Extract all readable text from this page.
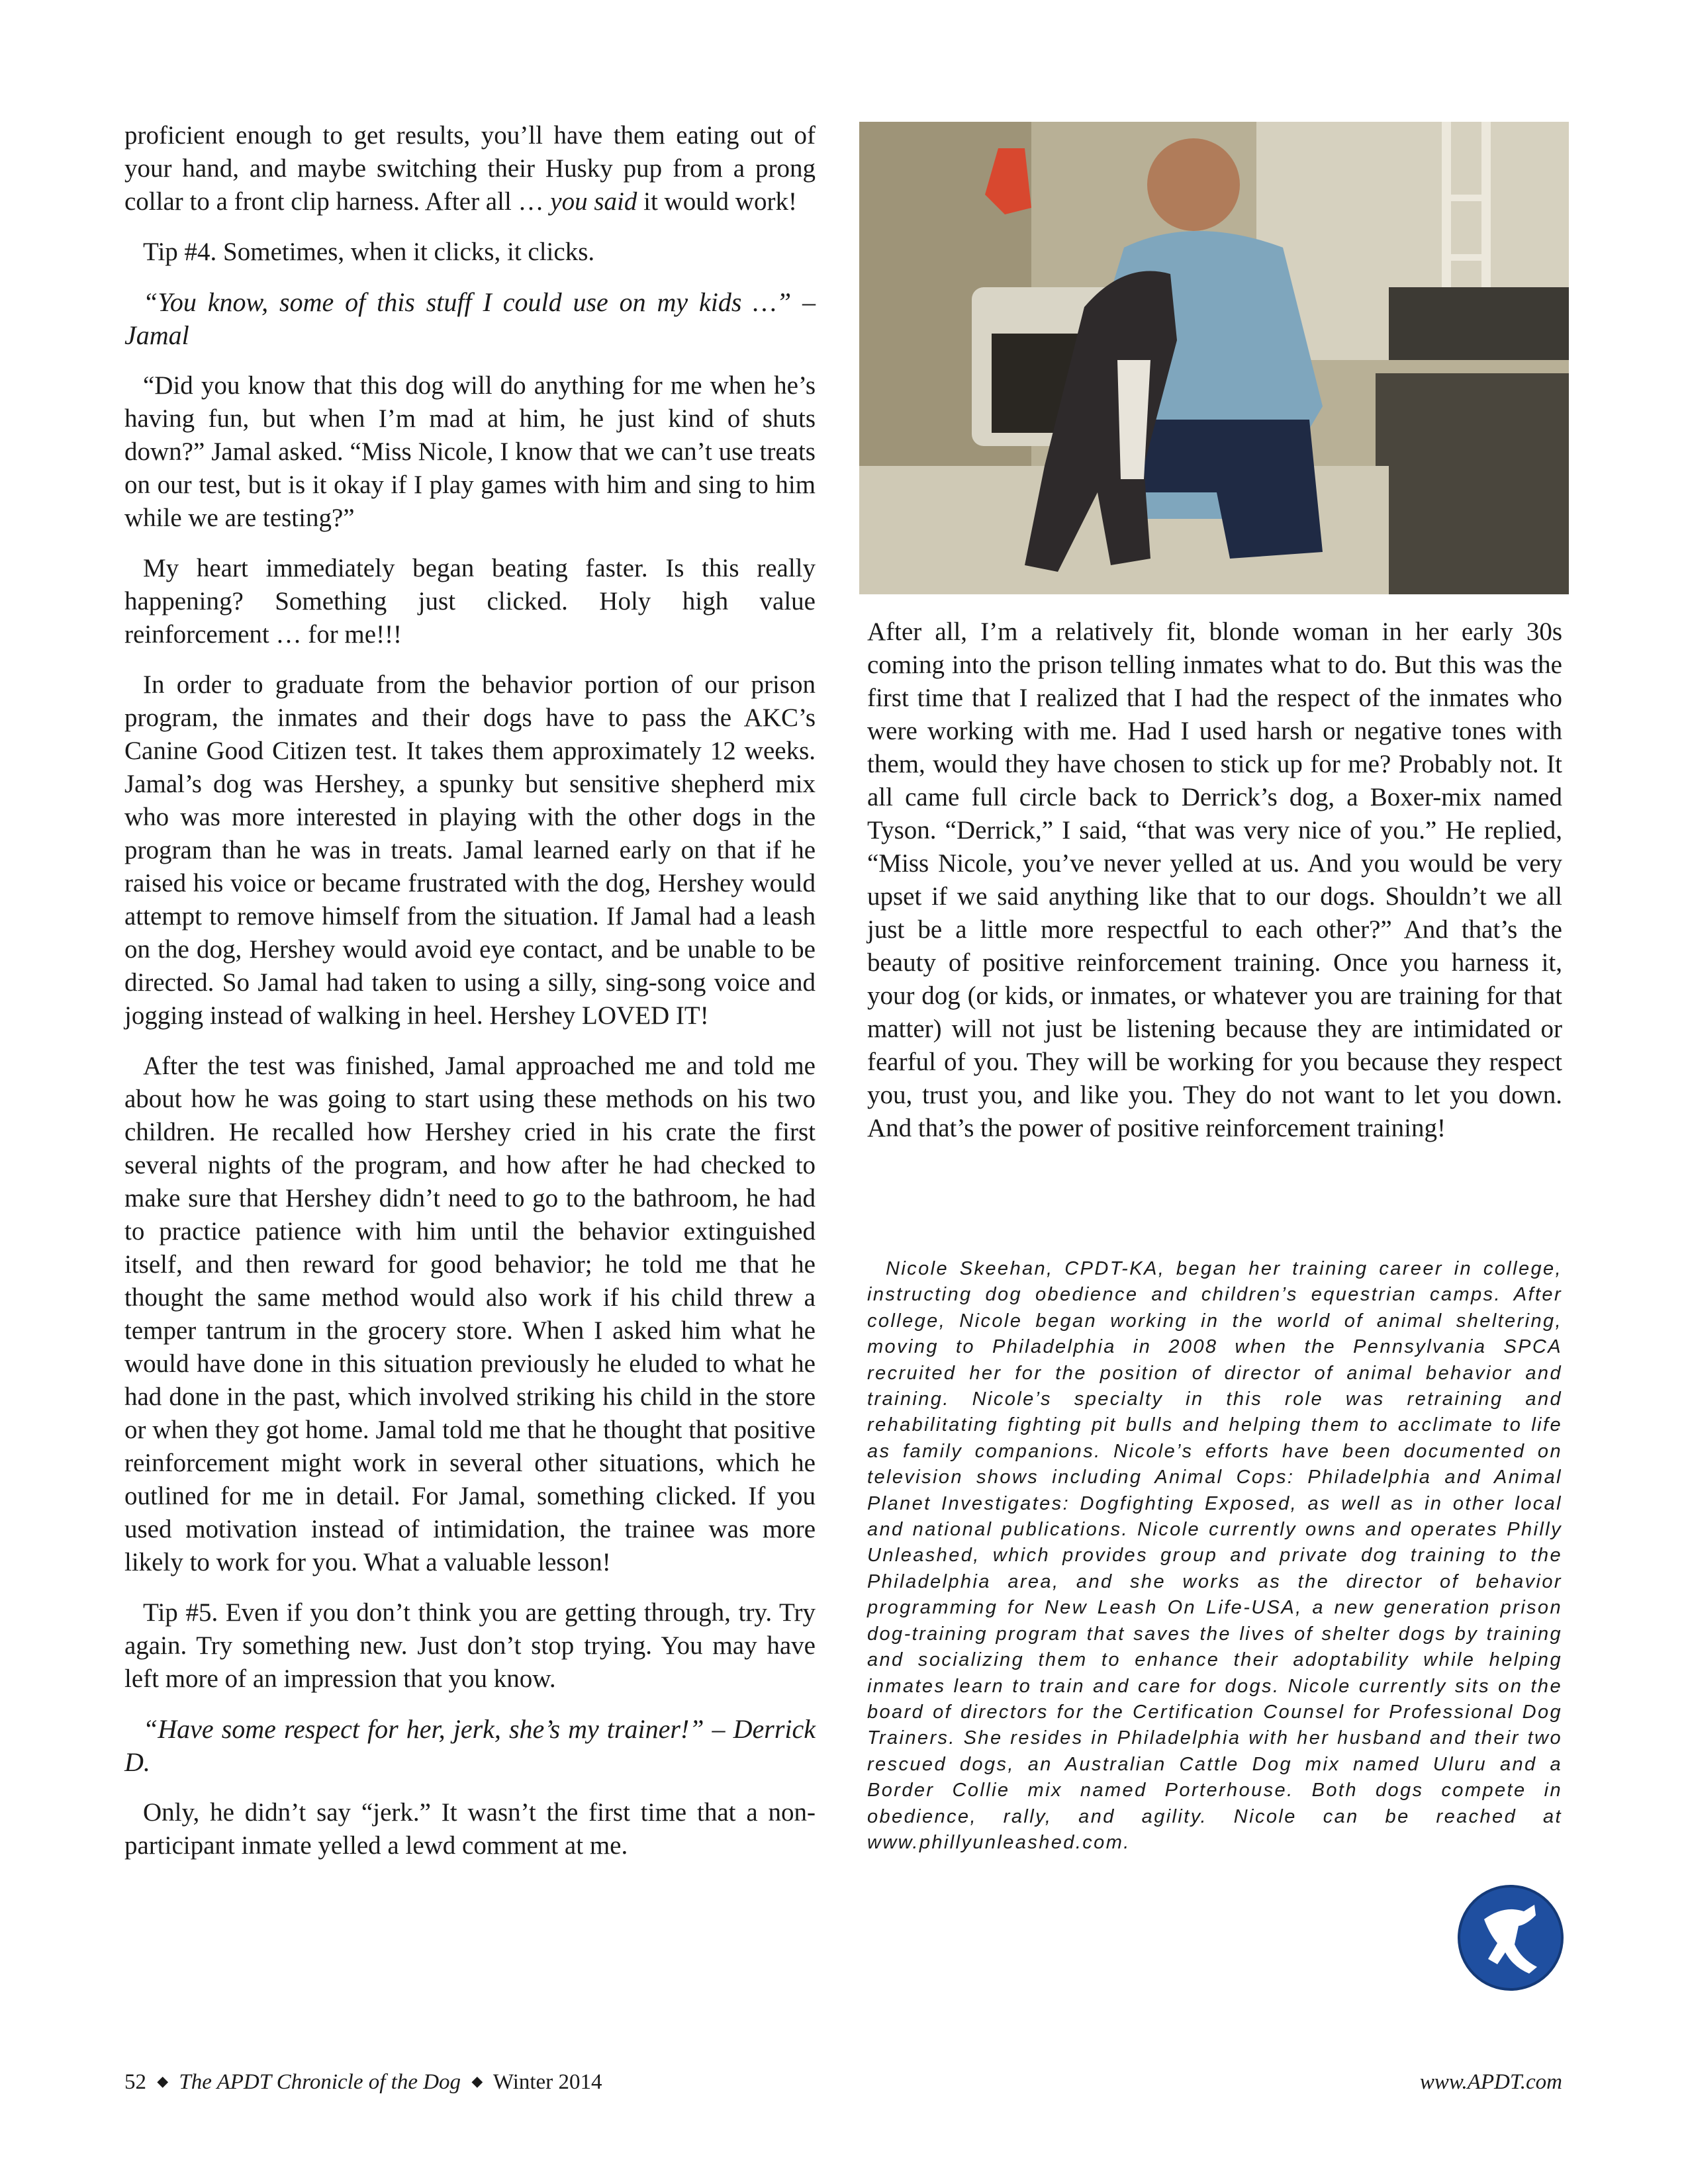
proficient enough to get results, you’ll have them eating out of your hand, and maybe switching their Husky pup from a prong collar to a front clip harness. After all … you said it would work!

Tip #4. Sometimes, when it clicks, it clicks.

“You know, some of this stuff I could use on my kids …” – Jamal

“Did you know that this dog will do anything for me when he’s having fun, but when I’m mad at him, he just kind of shuts down?” Jamal asked. “Miss Nicole, I know that we can’t use treats on our test, but is it okay if I play games with him and sing to him while we are testing?”

My heart immediately began beating faster. Is this really happening? Something just clicked. Holy high value reinforcement … for me!!!

In order to graduate from the behavior portion of our prison program, the inmates and their dogs have to pass the AKC’s Canine Good Citizen test. It takes them approximately 12 weeks. Jamal’s dog was Hershey, a spunky but sensitive shepherd mix who was more interested in playing with the other dogs in the program than he was in treats. Jamal learned early on that if he raised his voice or became frustrated with the dog, Hershey would attempt to remove himself from the situation. If Jamal had a leash on the dog, Hershey would avoid eye contact, and be unable to be directed. So Jamal had taken to using a silly, sing-song voice and jogging instead of walking in heel. Hershey LOVED IT!

After the test was finished, Jamal approached me and told me about how he was going to start using these methods on his two children. He recalled how Hershey cried in his crate the first several nights of the program, and how after he had checked to make sure that Hershey didn’t need to go to the bathroom, he had to practice patience with him until the behavior extinguished itself, and then reward for good behavior; he told me that he thought the same method would also work if his child threw a temper tantrum in the grocery store. When I asked him what he would have done in this situation previously he eluded to what he had done in the past, which involved striking his child in the store or when they got home. Jamal told me that he thought that positive reinforcement might work in several other situations, which he outlined for me in detail. For Jamal, something clicked. If you used motivation instead of intimidation, the trainee was more likely to work for you. What a valuable lesson!

Tip #5. Even if you don’t think you are getting through, try. Try again. Try something new. Just don’t stop trying. You may have left more of an impression that you know.

“Have some respect for her, jerk, she’s my trainer!” – Derrick D.

Only, he didn’t say “jerk.” It wasn’t the first time that a non-participant inmate yelled a lewd comment at me.

After all, I’m a relatively fit, blonde woman in her early 30s coming into the prison telling inmates what to do. But this was the first time that I realized that I had the respect of the inmates who were working with me. Had I used harsh or negative tones with them, would they have chosen to stick up for me? Probably not. It all came full circle back to Derrick’s dog, a Boxer-mix named Tyson. “Derrick,” I said, “that was very nice of you.” He replied, “Miss Nicole, you’ve never yelled at us. And you would be very upset if we said anything like that to our dogs. Shouldn’t we all just be a little more respectful to each other?” And that’s the beauty of positive reinforcement training. Once you harness it, your dog (or kids, or inmates, or whatever you are training for that matter) will not just be listening because they are intimidated or fearful of you. They will be working for you because they respect you, trust you, and like you. They do not want to let you down. And that’s the power of positive reinforcement training!

Nicole Skeehan, CPDT-KA, began her training career in college, instructing dog obedience and children’s equestrian camps. After college, Nicole began working in the world of animal sheltering, moving to Philadelphia in 2008 when the Pennsylvania SPCA recruited her for the position of director of animal behavior and training. Nicole’s specialty in this role was retraining and rehabilitating fighting pit bulls and helping them to acclimate to life as family companions. Nicole’s efforts have been documented on television shows including Animal Cops: Philadelphia and Animal Planet Investigates: Dogfighting Exposed, as well as in other local and national publications. Nicole currently owns and operates Philly Unleashed, which provides group and private dog training to the Philadelphia area, and she works as the director of behavior programming for New Leash On Life-USA, a new generation prison dog-training program that saves the lives of shelter dogs by training and socializing them to enhance their adoptability while helping inmates learn to train and care for dogs. Nicole currently sits on the board of directors for the Certification Counsel for Professional Dog Trainers. She resides in Philadelphia with her husband and their two rescued dogs, an Australian Cattle Dog mix named Uluru and a Border Collie mix named Porterhouse. Both dogs compete in obedience, rally, and agility. Nicole can be reached at www.phillyunleashed.com.

52 ◆ The APDT Chronicle of the Dog ◆ Winter 2014	www.APDT.com
